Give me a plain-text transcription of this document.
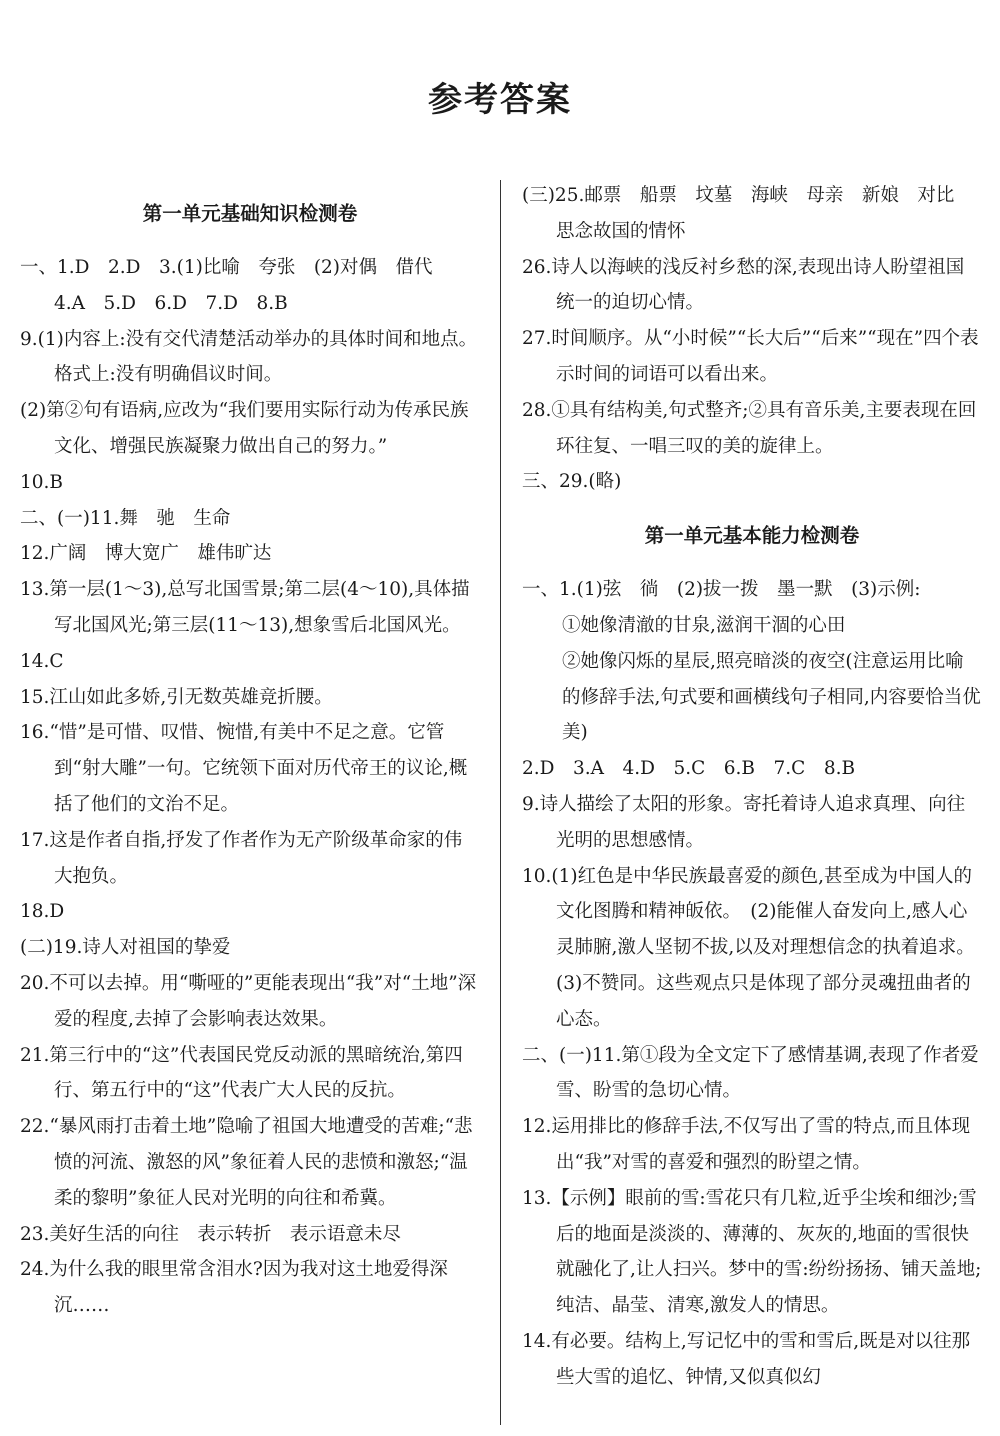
参考答案
第一单元基础知识检测卷
一、1.D　2.D　3.(1)比喻　夸张　(2)对偶　借代　4.A　5.D　6.D　7.D　8.B
9.(1)内容上:没有交代清楚活动举办的具体时间和地点。格式上:没有明确倡议时间。
(2)第②句有语病,应改为“我们要用实际行动为传承民族文化、增强民族凝聚力做出自己的努力。”
10.B
二、(一)11.舞　驰　生命
12.广阔　博大宽广　雄伟旷达
13.第一层(1～3),总写北国雪景;第二层(4～10),具体描写北国风光;第三层(11～13),想象雪后北国风光。
14.C
15.江山如此多娇,引无数英雄竞折腰。
16.“惜”是可惜、叹惜、惋惜,有美中不足之意。它管到“射大雕”一句。它统领下面对历代帝王的议论,概括了他们的文治不足。
17.这是作者自指,抒发了作者作为无产阶级革命家的伟大抱负。
18.D
(二)19.诗人对祖国的挚爱
20.不可以去掉。用“嘶哑的”更能表现出“我”对“土地”深爱的程度,去掉了会影响表达效果。
21.第三行中的“这”代表国民党反动派的黑暗统治,第四行、第五行中的“这”代表广大人民的反抗。
22.“暴风雨打击着土地”隐喻了祖国大地遭受的苦难;“悲愤的河流、激怒的风”象征着人民的悲愤和激怒;“温柔的黎明”象征人民对光明的向往和希冀。
23.美好生活的向往　表示转折　表示语意未尽
24.为什么我的眼里常含泪水?因为我对这土地爱得深沉……
(三)25.邮票　船票　坟墓　海峡　母亲　新娘　对比　思念故国的情怀
26.诗人以海峡的浅反衬乡愁的深,表现出诗人盼望祖国统一的迫切心情。
27.时间顺序。从“小时候”“长大后”“后来”“现在”四个表示时间的词语可以看出来。
28.①具有结构美,句式整齐;②具有音乐美,主要表现在回环往复、一唱三叹的美的旋律上。
三、29.(略)
第一单元基本能力检测卷
一、1.(1)弦　徜　(2)拔一拨　墨一默　(3)示例:
①她像清澈的甘泉,滋润干涸的心田
②她像闪烁的星辰,照亮暗淡的夜空(注意运用比喻的修辞手法,句式要和画横线句子相同,内容要恰当优美)
2.D　3.A　4.D　5.C　6.B　7.C　8.B
9.诗人描绘了太阳的形象。寄托着诗人追求真理、向往光明的思想感情。
10.(1)红色是中华民族最喜爱的颜色,甚至成为中国人的文化图腾和精神皈依。　(2)能催人奋发向上,感人心灵肺腑,激人坚韧不拔,以及对理想信念的执着追求。　(3)不赞同。这些观点只是体现了部分灵魂扭曲者的心态。
二、(一)11.第①段为全文定下了感情基调,表现了作者爱雪、盼雪的急切心情。
12.运用排比的修辞手法,不仅写出了雪的特点,而且体现出“我”对雪的喜爱和强烈的盼望之情。
13.【示例】眼前的雪:雪花只有几粒,近乎尘埃和细沙;雪后的地面是淡淡的、薄薄的、灰灰的,地面的雪很快就融化了,让人扫兴。梦中的雪:纷纷扬扬、铺天盖地;纯洁、晶莹、清寒,激发人的情思。
14.有必要。结构上,写记忆中的雪和雪后,既是对以往那些大雪的追忆、钟情,又似真似幻
